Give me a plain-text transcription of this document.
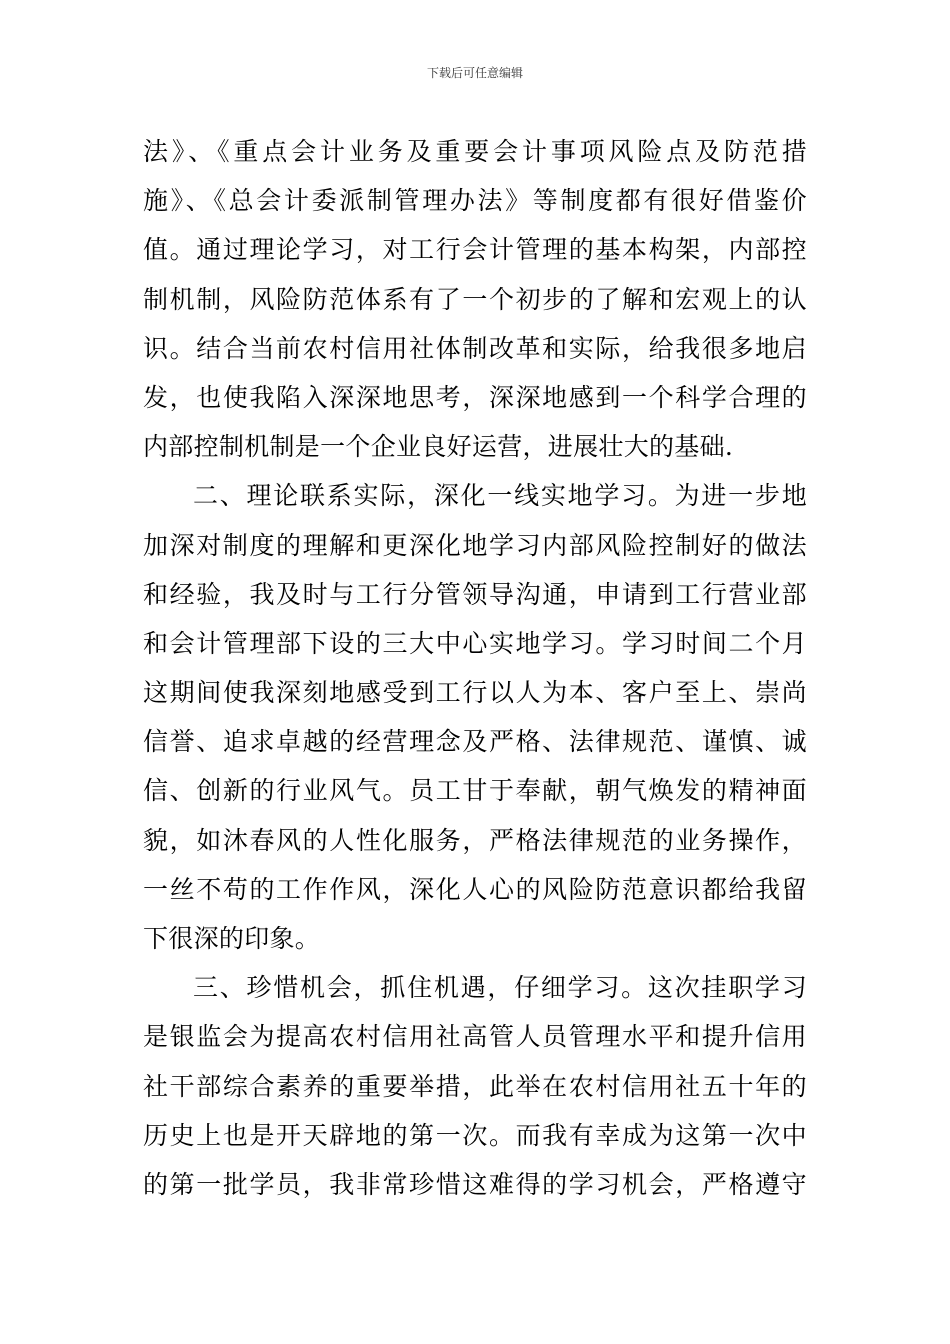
下载后可任意编辑
法》、《重点会计业务及重要会计事项风险点及防范措
施》、《总会计委派制管理办法》等制度都有很好借鉴价
值。通过理论学习，对工行会计管理的基本构架，内部控
制机制，风险防范体系有了一个初步的了解和宏观上的认
识。结合当前农村信用社体制改革和实际，给我很多地启
发，也使我陷入深深地思考，深深地感到一个科学合理的
内部控制机制是一个企业良好运营，进展壮大的基础.
二、理论联系实际，深化一线实地学习。为进一步地
加深对制度的理解和更深化地学习内部风险控制好的做法
和经验，我及时与工行分管领导沟通，申请到工行营业部
和会计管理部下设的三大中心实地学习。学习时间二个月
这期间使我深刻地感受到工行以人为本、客户至上、崇尚
信誉、追求卓越的经营理念及严格、法律规范、谨慎、诚
信、创新的行业风气。员工甘于奉献，朝气焕发的精神面
貌，如沐春风的人性化服务，严格法律规范的业务操作，
一丝不苟的工作作风，深化人心的风险防范意识都给我留
下很深的印象。
三、珍惜机会，抓住机遇，仔细学习。这次挂职学习
是银监会为提高农村信用社高管人员管理水平和提升信用
社干部综合素养的重要举措，此举在农村信用社五十年的
历史上也是开天辟地的第一次。而我有幸成为这第一次中
的第一批学员，我非常珍惜这难得的学习机会，严格遵守
